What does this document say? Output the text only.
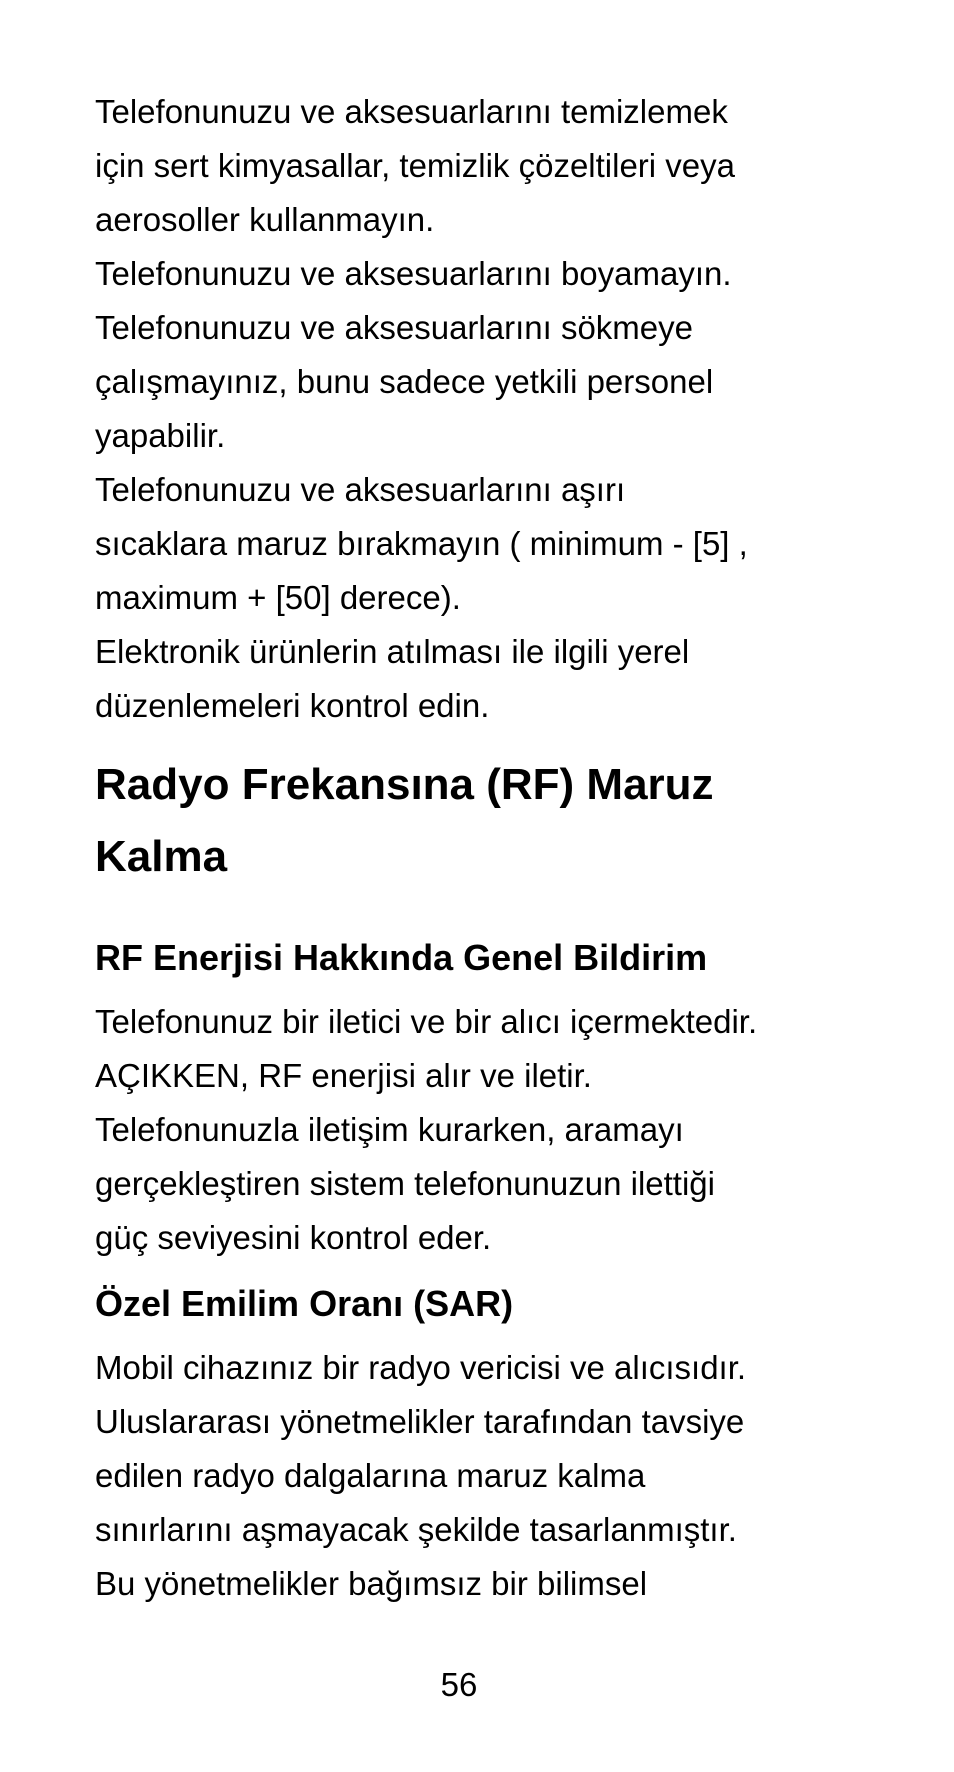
Telefonunuzu ve aksesuarlarını temizlemek

için sert kimyasallar, temizlik çözeltileri veya

aerosoller kullanmayın.

Telefonunuzu ve aksesuarlarını boyamayın.

Telefonunuzu ve aksesuarlarını sökmeye

çalışmayınız, bunu sadece yetkili personel

yapabilir.

Telefonunuzu ve aksesuarlarını aşırı

sıcaklara maruz bırakmayın ( minimum - [5] ,

maximum + [50] derece).

Elektronik ürünlerin atılması ile ilgili yerel

düzenlemeleri kontrol edin.

Radyo Frekansına (RF) Maruz
Kalma
RF Enerjisi Hakkında Genel Bildirim

Telefonunuz bir iletici ve bir alıcı içermektedir.

AÇIKKEN, RF enerjisi alır ve iletir.

Telefonunuzla iletişim kurarken, aramayı

gerçekleştiren sistem telefonunuzun ilettiği

güç seviyesini kontrol eder.

Özel Emilim Oranı (SAR)

Mobil cihazınız bir radyo vericisi ve alıcısıdır.

Uluslararası yönetmelikler tarafından tavsiye

edilen radyo dalgalarına maruz kalma

sınırlarını aşmayacak şekilde tasarlanmıştır.

Bu yönetmelikler bağımsız bir bilimsel

56
